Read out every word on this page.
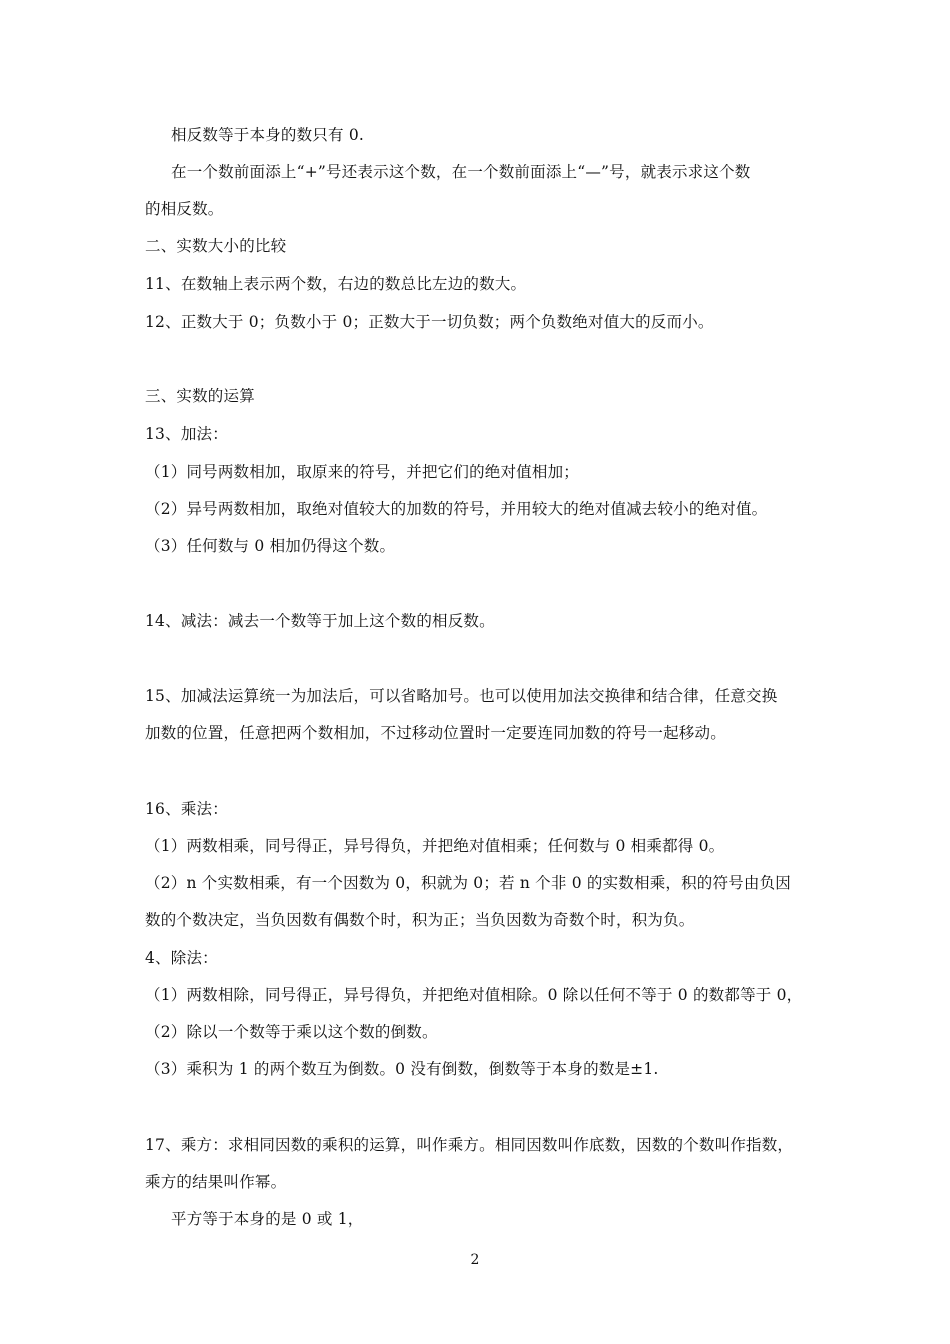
相反数等于本身的数只有 0.
在一个数前面添上“+”号还表示这个数，在一个数前面添上“—”号，就表示求这个数
的相反数。
二、实数大小的比较
11、在数轴上表示两个数，右边的数总比左边的数大。
12、正数大于 0；负数小于 0；正数大于一切负数；两个负数绝对值大的反而小。
三、实数的运算
13、加法：
（1）同号两数相加，取原来的符号，并把它们的绝对值相加；
（2）异号两数相加，取绝对值较大的加数的符号，并用较大的绝对值减去较小的绝对值。
（3）任何数与 0 相加仍得这个数。
14、减法：减去一个数等于加上这个数的相反数。
15、加减法运算统一为加法后，可以省略加号。也可以使用加法交换律和结合律，任意交换
加数的位置，任意把两个数相加，不过移动位置时一定要连同加数的符号一起移动。
16、乘法：
（1）两数相乘，同号得正，异号得负，并把绝对值相乘；任何数与 0 相乘都得 0。
（2）n 个实数相乘，有一个因数为 0，积就为 0；若 n 个非 0 的实数相乘，积的符号由负因
数的个数决定，当负因数有偶数个时，积为正；当负因数为奇数个时，积为负。
4、除法：
（1）两数相除，同号得正，异号得负，并把绝对值相除。0 除以任何不等于 0 的数都等于 0，
（2）除以一个数等于乘以这个数的倒数。
（3）乘积为 1 的两个数互为倒数。0 没有倒数，倒数等于本身的数是±1.
17、乘方：求相同因数的乘积的运算，叫作乘方。相同因数叫作底数，因数的个数叫作指数，
乘方的结果叫作幂。
平方等于本身的是 0 或 1，
2
